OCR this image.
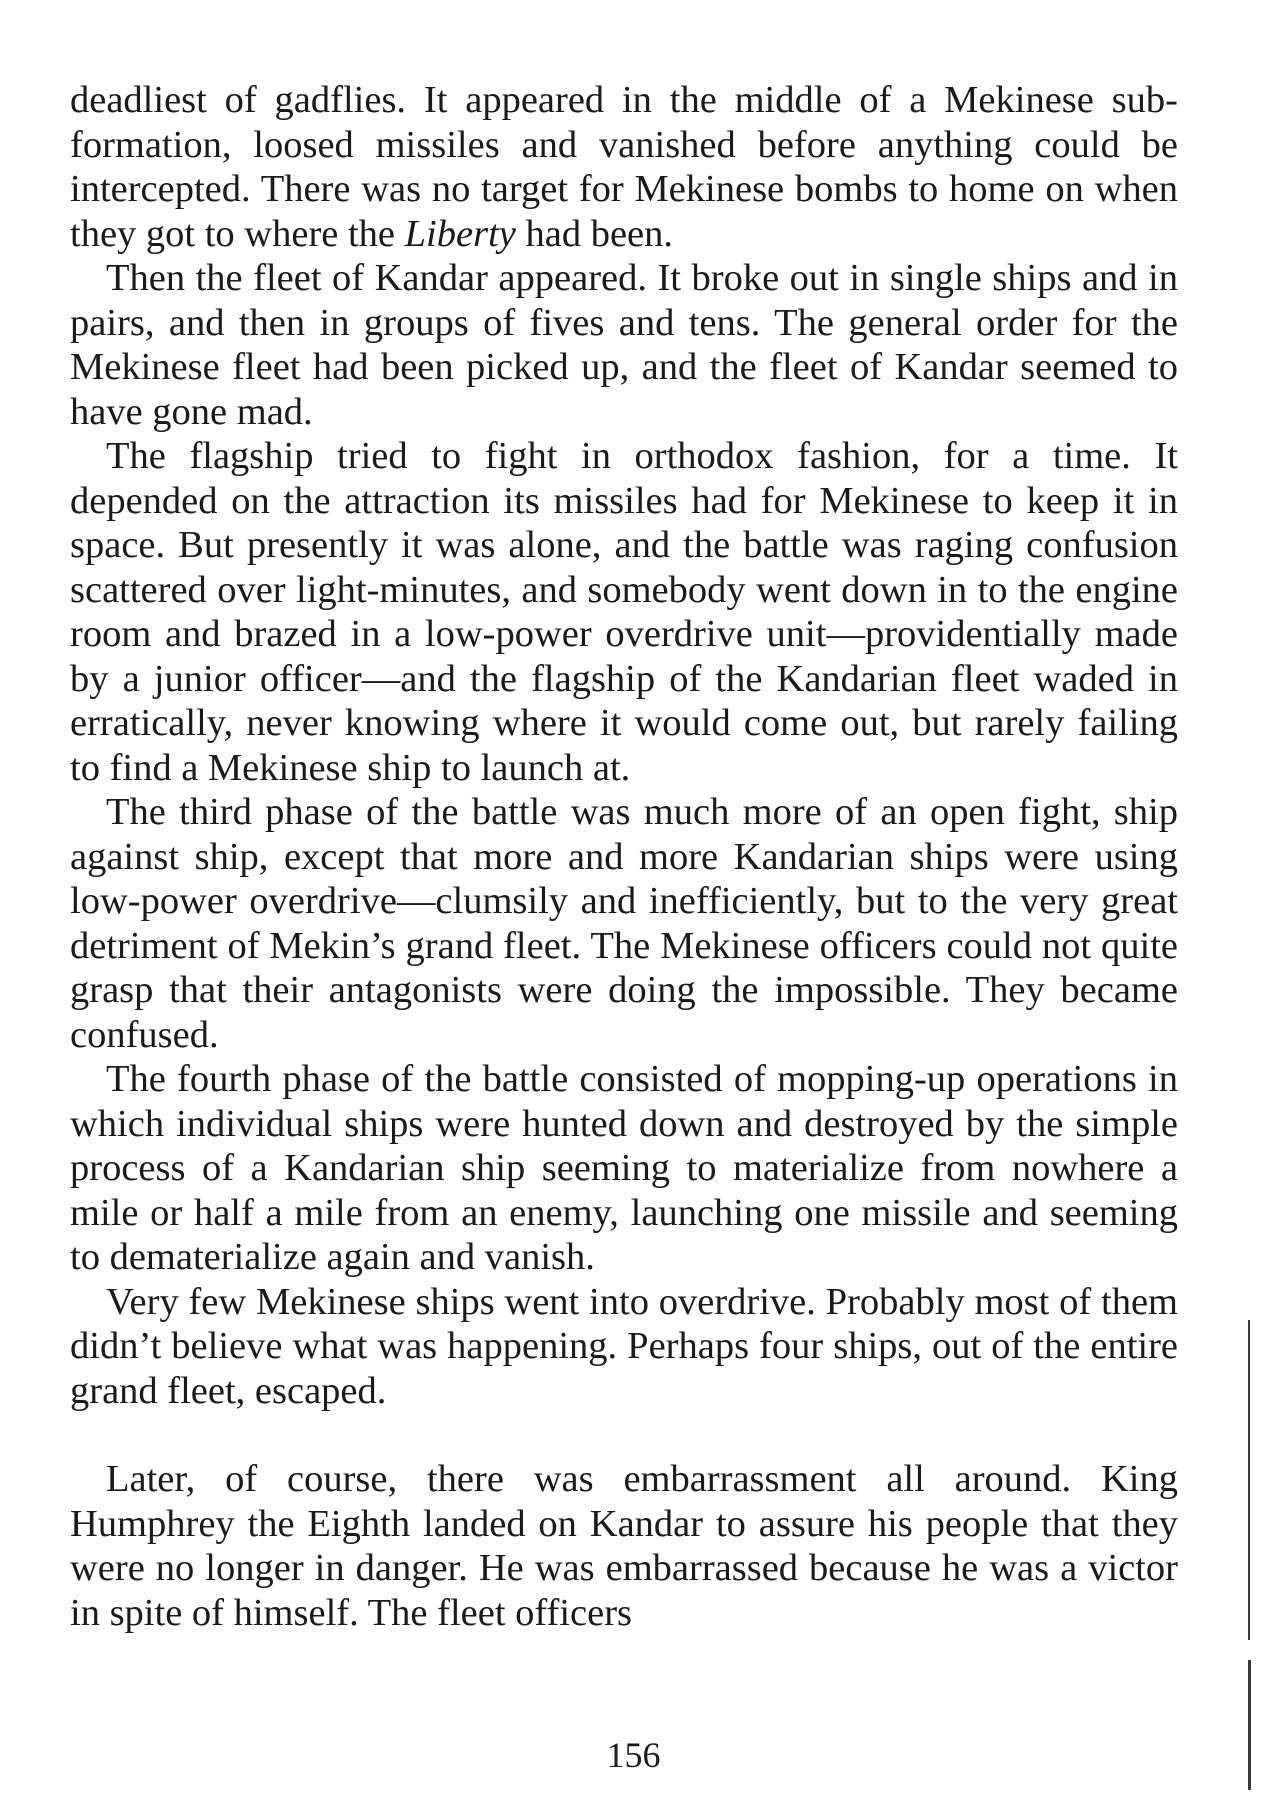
deadliest of gadflies. It appeared in the middle of a Mekinese sub-formation, loosed missiles and vanished before anything could be intercepted. There was no target for Mekinese bombs to home on when they got to where the Liberty had been.

Then the fleet of Kandar appeared. It broke out in single ships and in pairs, and then in groups of fives and tens. The general order for the Mekinese fleet had been picked up, and the fleet of Kandar seemed to have gone mad.

The flagship tried to fight in orthodox fashion, for a time. It depended on the attraction its missiles had for Mekinese to keep it in space. But presently it was alone, and the battle was raging confusion scattered over light-minutes, and somebody went down in to the engine room and brazed in a low-power overdrive unit—providentially made by a junior officer—and the flagship of the Kandarian fleet waded in erratically, never knowing where it would come out, but rarely failing to find a Mekinese ship to launch at.

The third phase of the battle was much more of an open fight, ship against ship, except that more and more Kandarian ships were using low-power overdrive—clumsily and inefficiently, but to the very great detriment of Mekin’s grand fleet. The Mekinese officers could not quite grasp that their antagonists were doing the impossible. They became confused.

The fourth phase of the battle consisted of mopping-up operations in which individual ships were hunted down and destroyed by the simple process of a Kandarian ship seeming to materialize from nowhere a mile or half a mile from an enemy, launching one missile and seeming to dematerialize again and vanish.

Very few Mekinese ships went into overdrive. Probably most of them didn’t believe what was happening. Perhaps four ships, out of the entire grand fleet, escaped.

Later, of course, there was embarrassment all around. King Humphrey the Eighth landed on Kandar to assure his people that they were no longer in danger. He was embarrassed because he was a victor in spite of himself. The fleet officers

156
